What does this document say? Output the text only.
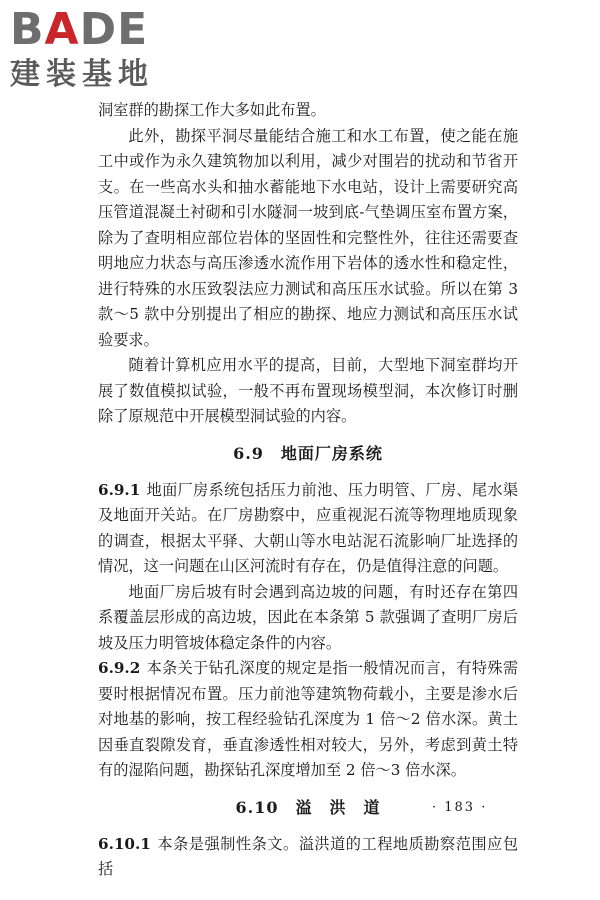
BADE
建装基地

洞室群的勘探工作大多如此布置。

此外，勘探平洞尽量能结合施工和水工布置，使之能在施工中或作为永久建筑物加以利用，减少对围岩的扰动和节省开支。在一些高水头和抽水蓄能地下水电站，设计上需要研究高压管道混凝土衬砌和引水隧洞一坡到底-气垫调压室布置方案，除为了查明相应部位岩体的坚固性和完整性外，往往还需要查明地应力状态与高压渗透水流作用下岩体的透水性和稳定性，进行特殊的水压致裂法应力测试和高压压水试验。所以在第 3 款～5 款中分别提出了相应的勘探、地应力测试和高压压水试验要求。

随着计算机应用水平的提高，目前，大型地下洞室群均开展了数值模拟试验，一般不再布置现场模型洞，本次修订时删除了原规范中开展模型洞试验的内容。

6.9　地面厂房系统

6.9.1 地面厂房系统包括压力前池、压力明管、厂房、尾水渠及地面开关站。在厂房勘察中，应重视泥石流等物理地质现象的调查，根据太平驿、大朝山等水电站泥石流影响厂址选择的情况，这一问题在山区河流时有存在，仍是值得注意的问题。

地面厂房后坡有时会遇到高边坡的问题，有时还存在第四系覆盖层形成的高边坡，因此在本条第 5 款强调了查明厂房后坡及压力明管坡体稳定条件的内容。

6.9.2 本条关于钻孔深度的规定是指一般情况而言，有特殊需要时根据情况布置。压力前池等建筑物荷载小，主要是渗水后对地基的影响，按工程经验钻孔深度为 1 倍～2 倍水深。黄土因垂直裂隙发育，垂直渗透性相对较大，另外，考虑到黄土特有的湿陷问题，勘探钻孔深度增加至 2 倍～3 倍水深。

6.10　溢　洪　道

6.10.1 本条是强制性条文。溢洪道的工程地质勘察范围应包括

· 183 ·
